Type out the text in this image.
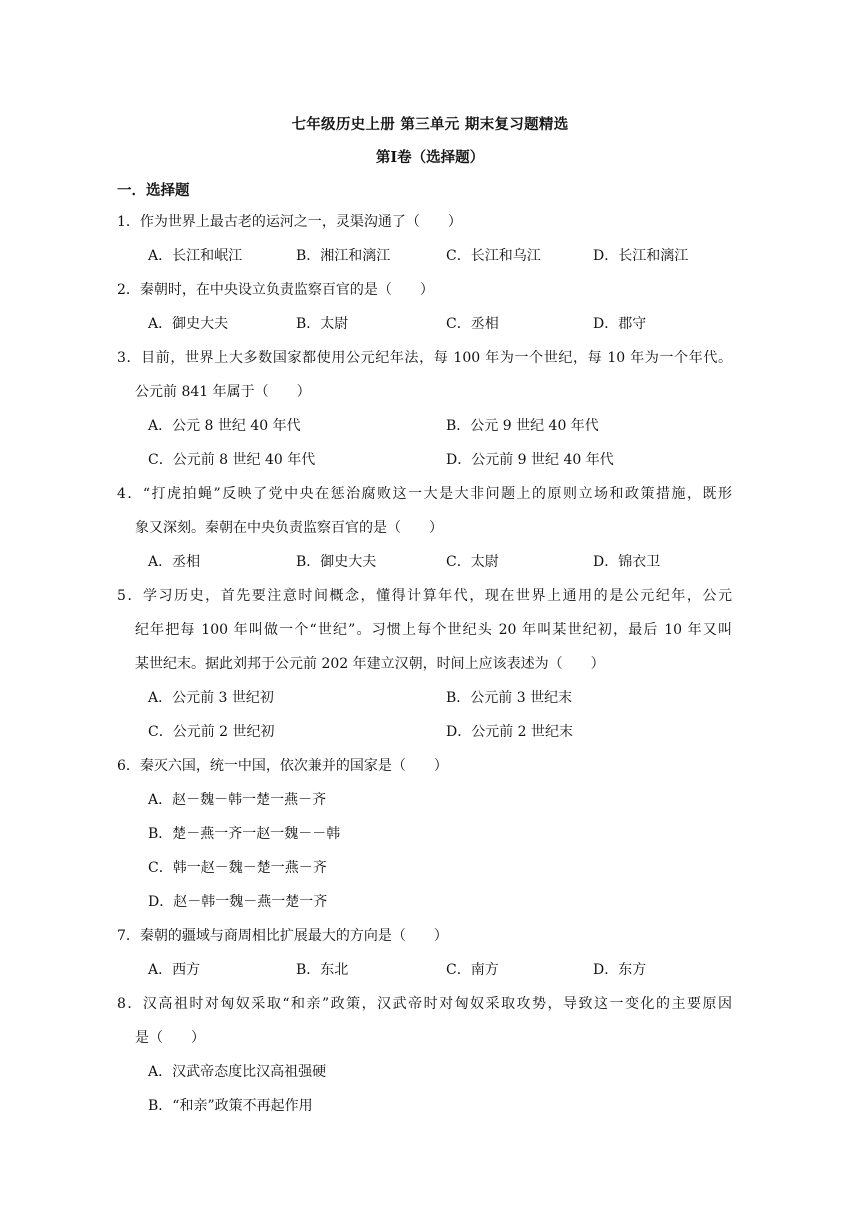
七年级历史上册 第三单元 期末复习题精选
第Ⅰ卷（选择题）
一．选择题
1．作为世界上最古老的运河之一，灵渠沟通了（　　）
A．长江和岷江	B．湘江和漓江	C．长江和乌江	D．长江和漓江
2．秦朝时，在中央设立负责监察百官的是（　　）
A．御史大夫	B．太尉	C．丞相	D．郡守
3．目前，世界上大多数国家都使用公元纪年法，每 100 年为一个世纪，每 10 年为一个年代。
公元前 841 年属于（　　）
A．公元 8 世纪 40 年代	B．公元 9 世纪 40 年代
C．公元前 8 世纪 40 年代	D．公元前 9 世纪 40 年代
4．“打虎拍蝇”反映了党中央在惩治腐败这一大是大非问题上的原则立场和政策措施，既形
象又深刻。秦朝在中央负责监察百官的是（　　）
A．丞相	B．御史大夫	C．太尉	D．锦衣卫
5．学习历史，首先要注意时间概念，懂得计算年代，现在世界上通用的是公元纪年，公元
纪年把每 100 年叫做一个“世纪”。习惯上每个世纪头 20 年叫某世纪初，最后 10 年又叫
某世纪末。据此刘邦于公元前 202 年建立汉朝，时间上应该表述为（　　）
A．公元前 3 世纪初	B．公元前 3 世纪末
C．公元前 2 世纪初	D．公元前 2 世纪末
6．秦灭六国，统一中国，依次兼并的国家是（　　）
A．赵－魏－韩一楚一燕－齐
B．楚－燕一齐一赵一魏－－韩
C．韩一赵－魏－楚一燕－齐
D．赵－韩一魏－燕一楚一齐
7．秦朝的疆域与商周相比扩展最大的方向是（　　）
A．西方	B．东北	C．南方	D．东方
8．汉高祖时对匈奴采取“和亲”政策，汉武帝时对匈奴采取攻势，导致这一变化的主要原因
是（　　）
A．汉武帝态度比汉高祖强硬
B．“和亲”政策不再起作用
